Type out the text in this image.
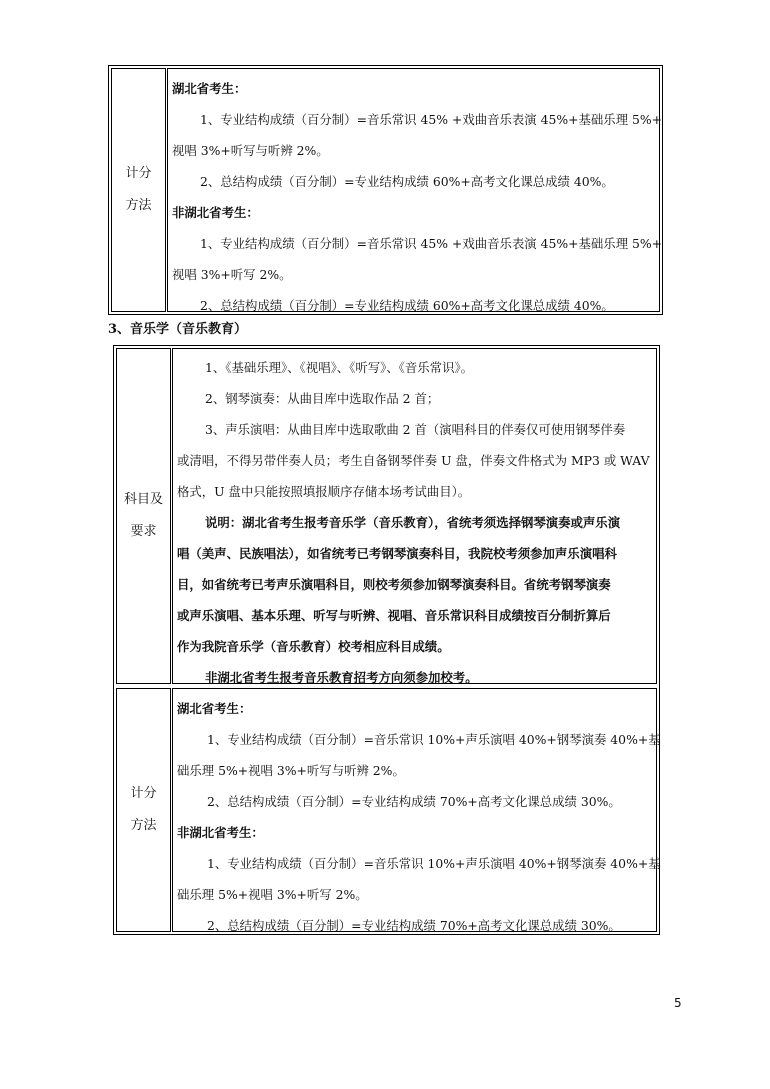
计分
方法

湖北省考生：

1、专业结构成绩（百分制）=音乐常识 45% +戏曲音乐表演 45%+基础乐理 5%+

视唱 3%+听写与听辨 2%。

2、总结构成绩（百分制）=专业结构成绩 60%+高考文化课总成绩 40%。

非湖北省考生：

1、专业结构成绩（百分制）=音乐常识 45% +戏曲音乐表演 45%+基础乐理 5%+

视唱 3%+听写 2%。

2、总结构成绩（百分制）=专业结构成绩 60%+高考文化课总成绩 40%。

3、音乐学（音乐教育）
科目及
要求

1、《基础乐理》、《视唱》、《听写》、《音乐常识》。

2、钢琴演奏：从曲目库中选取作品 2 首；

3、声乐演唱：从曲目库中选取歌曲 2 首（演唱科目的伴奏仅可使用钢琴伴奏

或清唱，不得另带伴奏人员；考生自备钢琴伴奏 U 盘，伴奏文件格式为 MP3 或 WAV

格式，U 盘中只能按照填报顺序存储本场考试曲目）。

说明：湖北省考生报考音乐学（音乐教育），省统考须选择钢琴演奏或声乐演

唱（美声、民族唱法），如省统考已考钢琴演奏科目，我院校考须参加声乐演唱科

目，如省统考已考声乐演唱科目，则校考须参加钢琴演奏科目。省统考钢琴演奏

或声乐演唱、基本乐理、听写与听辨、视唱、音乐常识科目成绩按百分制折算后

作为我院音乐学（音乐教育）校考相应科目成绩。

非湖北省考生报考音乐教育招考方向须参加校考。

计分
方法

湖北省考生：

1、专业结构成绩（百分制）=音乐常识 10%+声乐演唱 40%+钢琴演奏 40%+基

础乐理 5%+视唱 3%+听写与听辨 2%。

2、总结构成绩（百分制）=专业结构成绩 70%+高考文化课总成绩 30%。

非湖北省考生：

1、专业结构成绩（百分制）=音乐常识 10%+声乐演唱 40%+钢琴演奏 40%+基

础乐理 5%+视唱 3%+听写 2%。

2、总结构成绩（百分制）=专业结构成绩 70%+高考文化课总成绩 30%。

5
